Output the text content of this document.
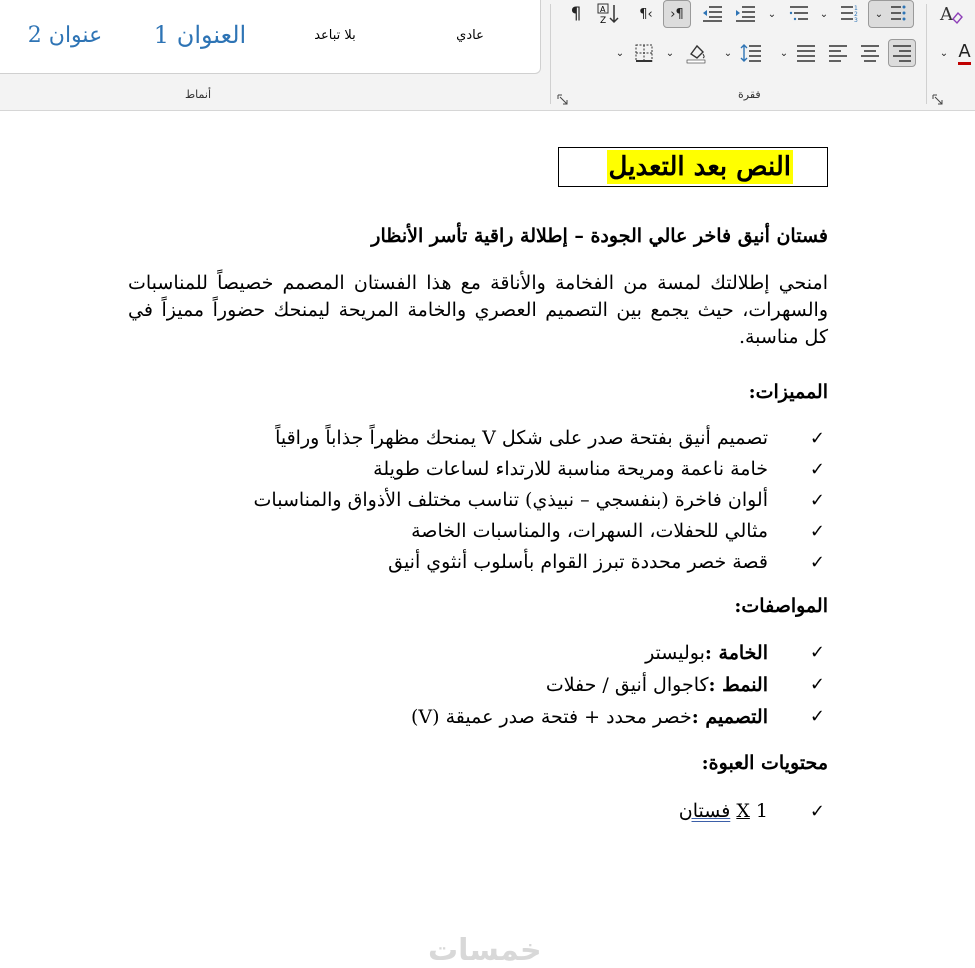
عنوان 2	العنوان 1	بلا تباعد	عادي
أنماط	فقرة
¶	A
Z	¶‹	›¶	⌄	⌄	1
2
3
⌄	A
⌄	⌄	⌄	⌄	⌄ A
النص بعد التعديل
فستان أنيق فاخر عالي الجودة – إطلالة راقية تأسر الأنظار
امنحي إطلالتك لمسة من الفخامة والأناقة مع هذا الفستان المصمم خصيصاً للمناسبات والسهرات، حيث يجمع بين التصميم العصري والخامة المريحة ليمنحك حضوراً مميزاً في كل مناسبة.
المميزات:
✓
تصميم أنيق بفتحة صدر على شكل V يمنحك مظهراً جذاباً وراقياً
✓
خامة ناعمة ومريحة مناسبة للارتداء لساعات طويلة
✓
ألوان فاخرة (بنفسجي – نبيذي) تناسب مختلف الأذواق والمناسبات
✓
مثالي للحفلات، السهرات، والمناسبات الخاصة
✓
قصة خصر محددة تبرز القوام بأسلوب أنثوي أنيق
المواصفات:
✓
الخامة :بوليستر
✓
النمط :كاجوال أنيق / حفلات
✓
التصميم :خصر محدد + فتحة صدر عميقة (V)
محتويات العبوة:
✓
1 X فستان
خمسات
